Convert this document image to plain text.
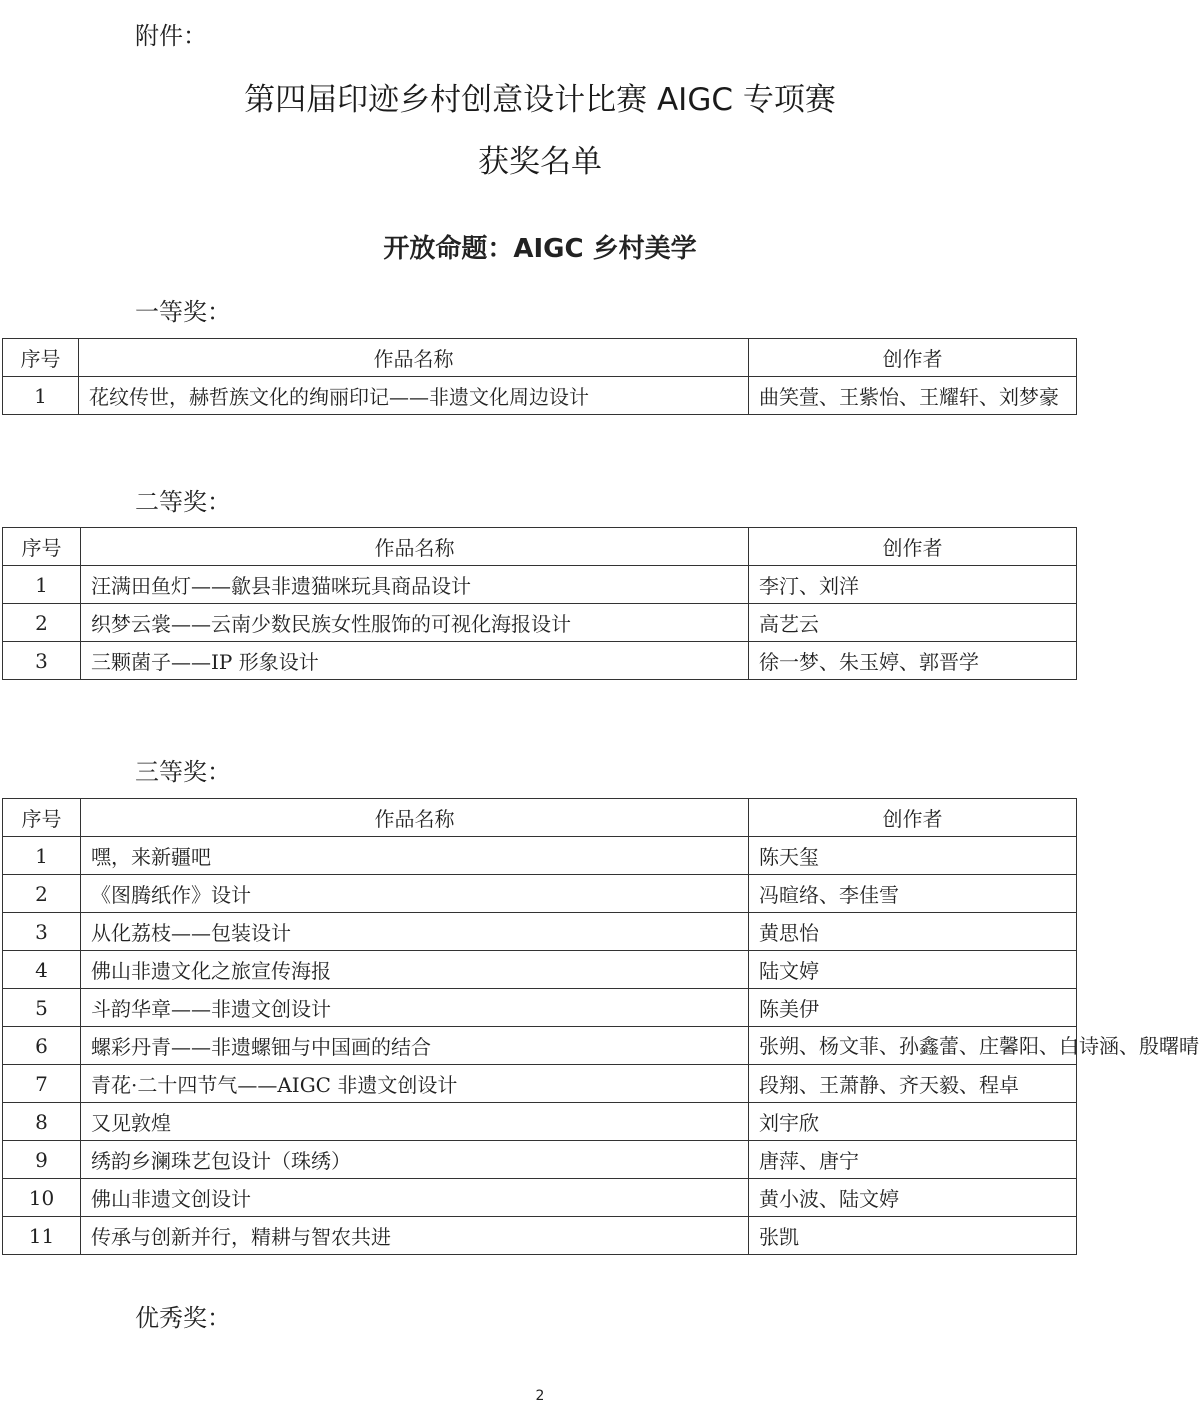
附件：
第四届印迹乡村创意设计比赛 AIGC 专项赛
获奖名单
开放命题：AIGC 乡村美学
一等奖：
序号	作品名称	创作者
1	花纹传世，赫哲族文化的绚丽印记——非遗文化周边设计	曲笑萱、王紫怡、王耀轩、刘梦豪
二等奖：
序号	作品名称	创作者
1	汪满田鱼灯——歙县非遗猫咪玩具商品设计	李汀、刘洋
2	织梦云裳——云南少数民族女性服饰的可视化海报设计	高艺云
3	三颗菌子——IP 形象设计	徐一梦、朱玉婷、郭晋学
三等奖：
序号	作品名称	创作者
1	嘿，来新疆吧	陈天玺
2	《图腾纸作》设计	冯暄络、李佳雪
3	从化荔枝——包装设计	黄思怡
4	佛山非遗文化之旅宣传海报	陆文婷
5	斗韵华章——非遗文创设计	陈美伊
6	螺彩丹青——非遗螺钿与中国画的结合	张朔、杨文菲、孙鑫蕾、庄馨阳、白诗涵、殷曙晴
7	青花·二十四节气——AIGC 非遗文创设计	段翔、王萧静、齐天毅、程卓
8	又见敦煌	刘宇欣
9	绣韵乡澜珠艺包设计（珠绣）	唐萍、唐宁
10	佛山非遗文创设计	黄小波、陆文婷
11	传承与创新并行，精耕与智农共进	张凯
优秀奖：
2
